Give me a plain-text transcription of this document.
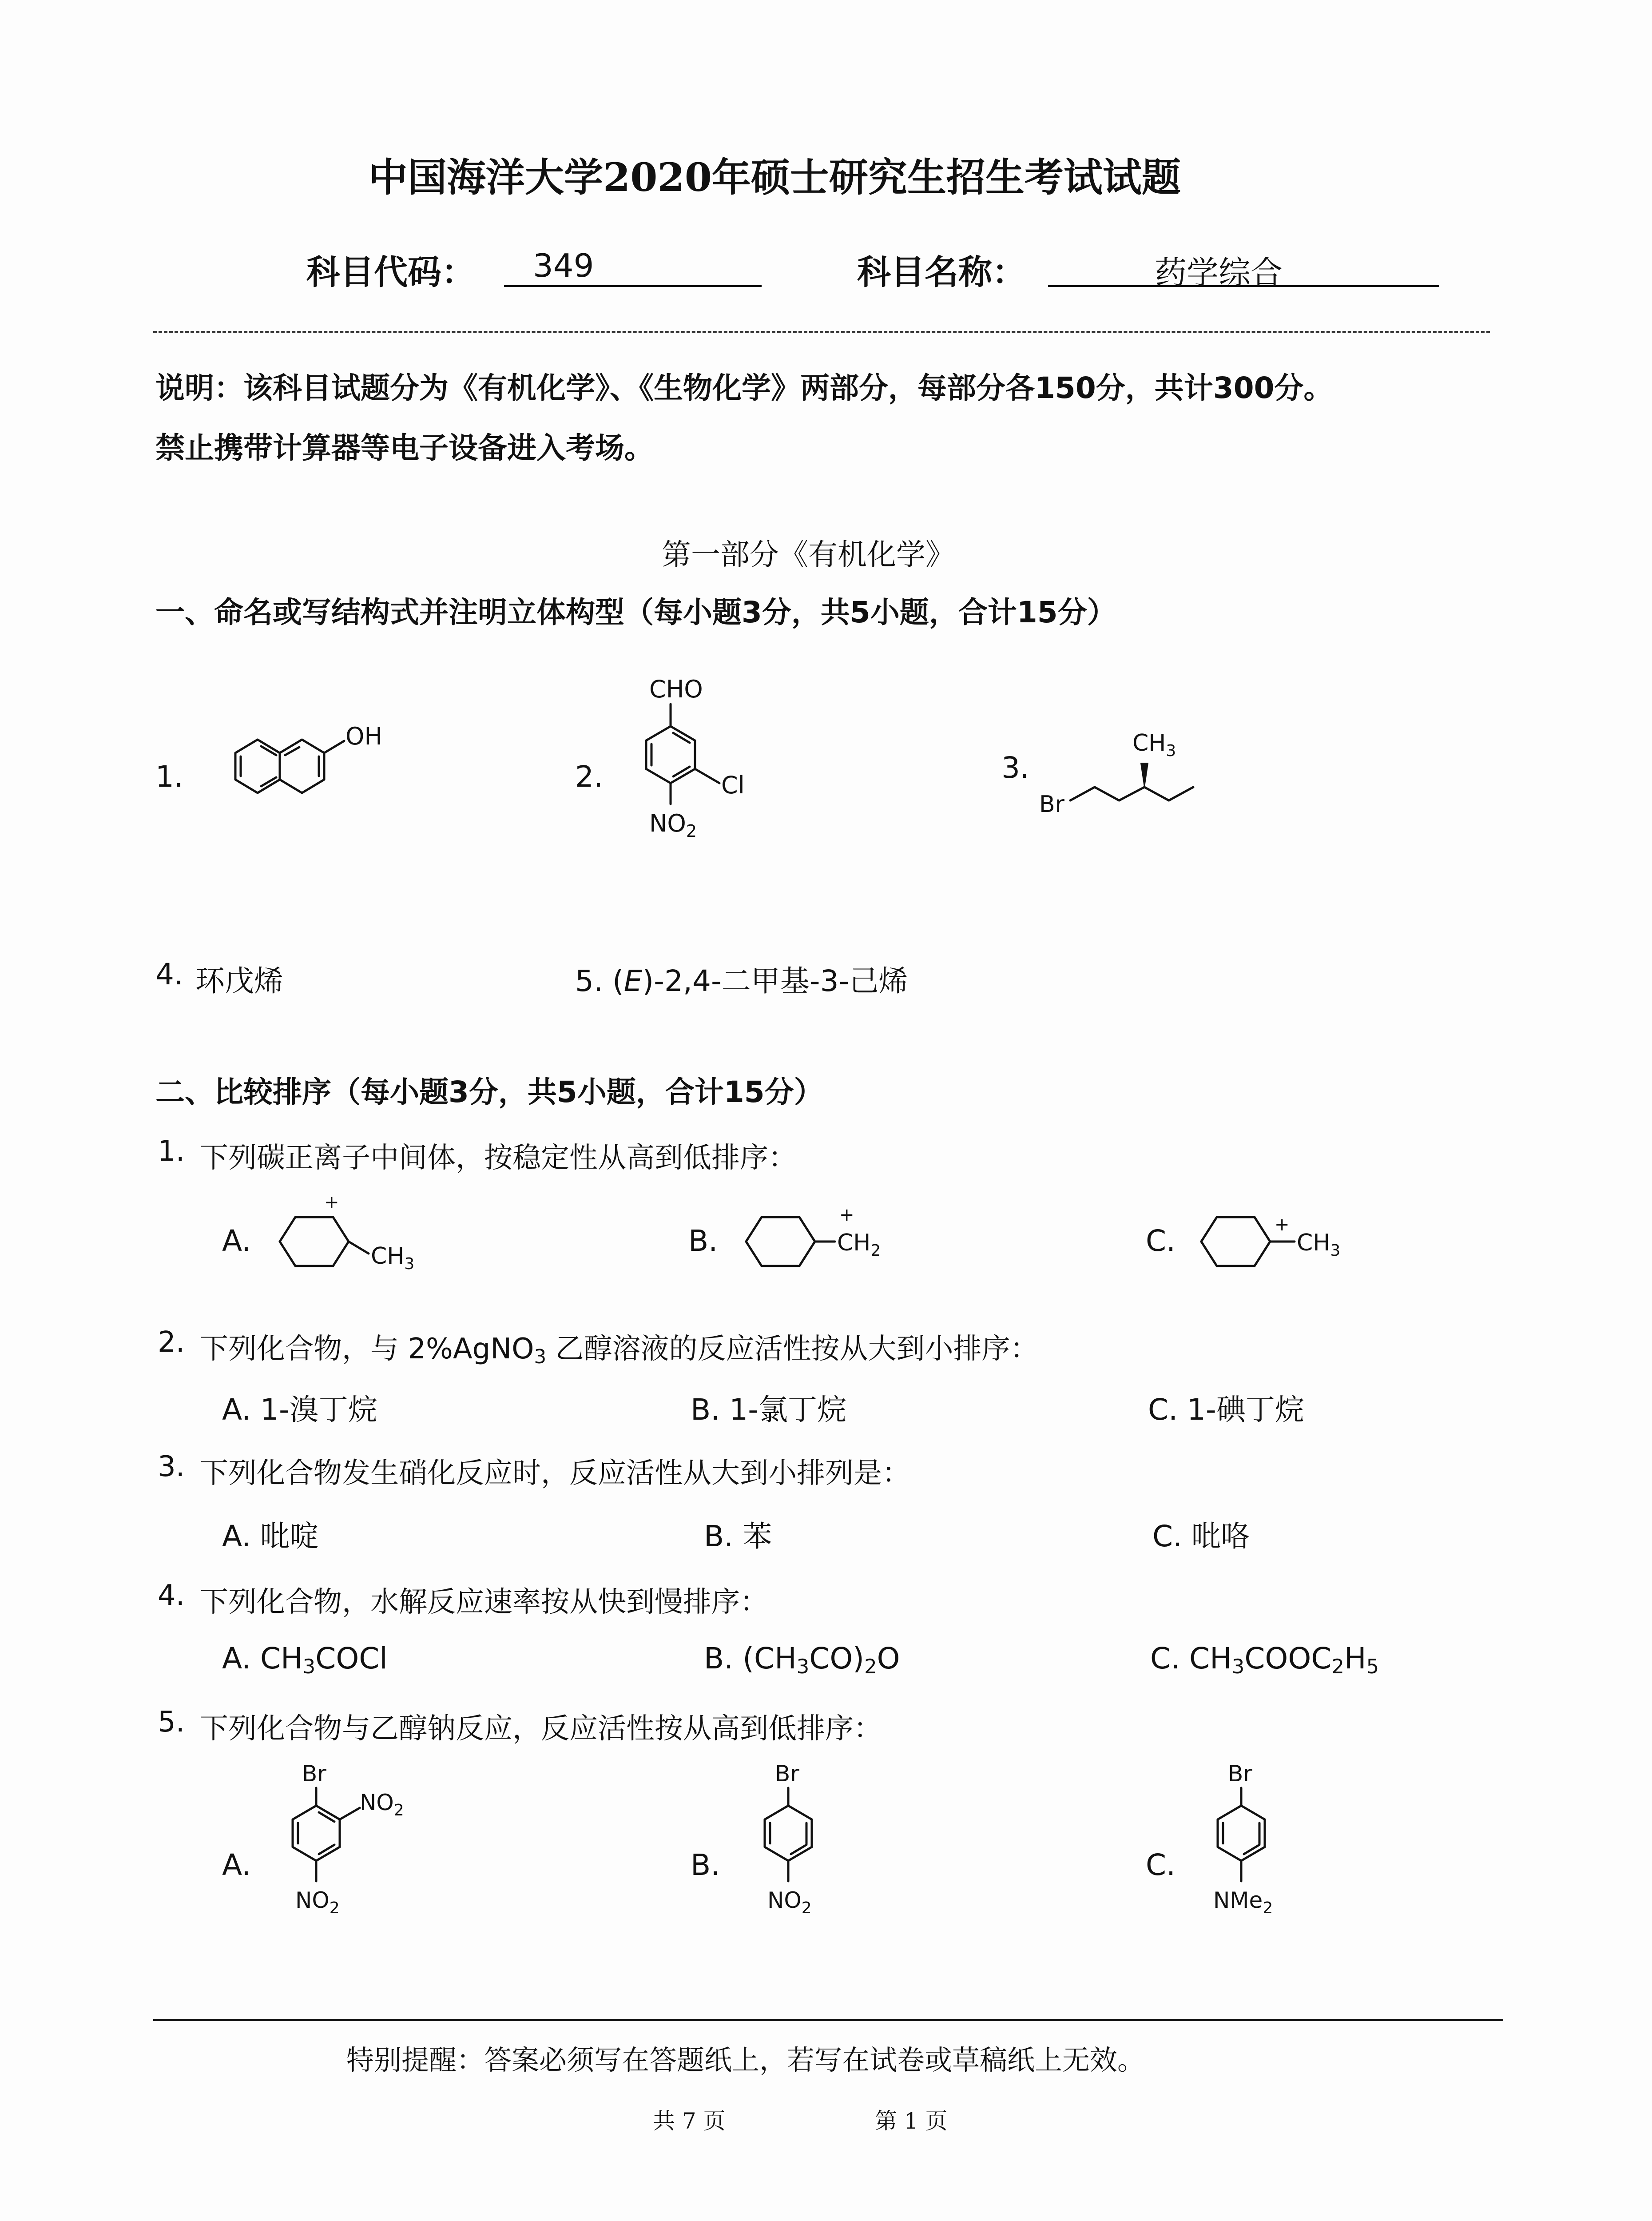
中国海洋大学2020年硕士研究生招生考试试题
科目代码： 349	科目名称：	药学综合
说明：该科目试题分为《有机化学》、《生物化学》两部分，每部分各150分，共计300分。
禁止携带计算器等电子设备进入考场。
第一部分《有机化学》
一、命名或写结构式并注明立体构型（每小题3分，共5小题，合计15分）
1.
OH
2.
CHO
Cl
$NO_2$
3.
Br
$CH_3$
4. 环戊烯	5. (E)-2,4-二甲基-3-己烯
二、比较排序（每小题3分，共5小题，合计15分）
1. 下列碳正离子中间体，按稳定性从高到低排序：
A.
+
$CH_3$
B.
+
$CH_2$	C.	+
$CH_3$
2. 下列化合物，与 2%AgNO$_3$ 乙醇溶液的反应活性按从大到小排序：
A. 1-溴丁烷	B. 1-氯丁烷	C. 1-碘丁烷
3. 下列化合物发生硝化反应时，反应活性从大到小排列是：
A. 吡啶	B. 苯	C. 吡咯
4. 下列化合物，水解反应速率按从快到慢排序：
A. $CH_3COCl$	B. $(CH_3CO)_2O$	C. $CH_3COOC_2H_5$
5. 下列化合物与乙醇钠反应，反应活性按从高到低排序：
A.
Br
$NO_2$
$NO_2$
B.
Br
$NO_2$
C.
Br
NMe$_2$
特别提醒：答案必须写在答题纸上，若写在试卷或草稿纸上无效。
共 7 页	第 1 页
